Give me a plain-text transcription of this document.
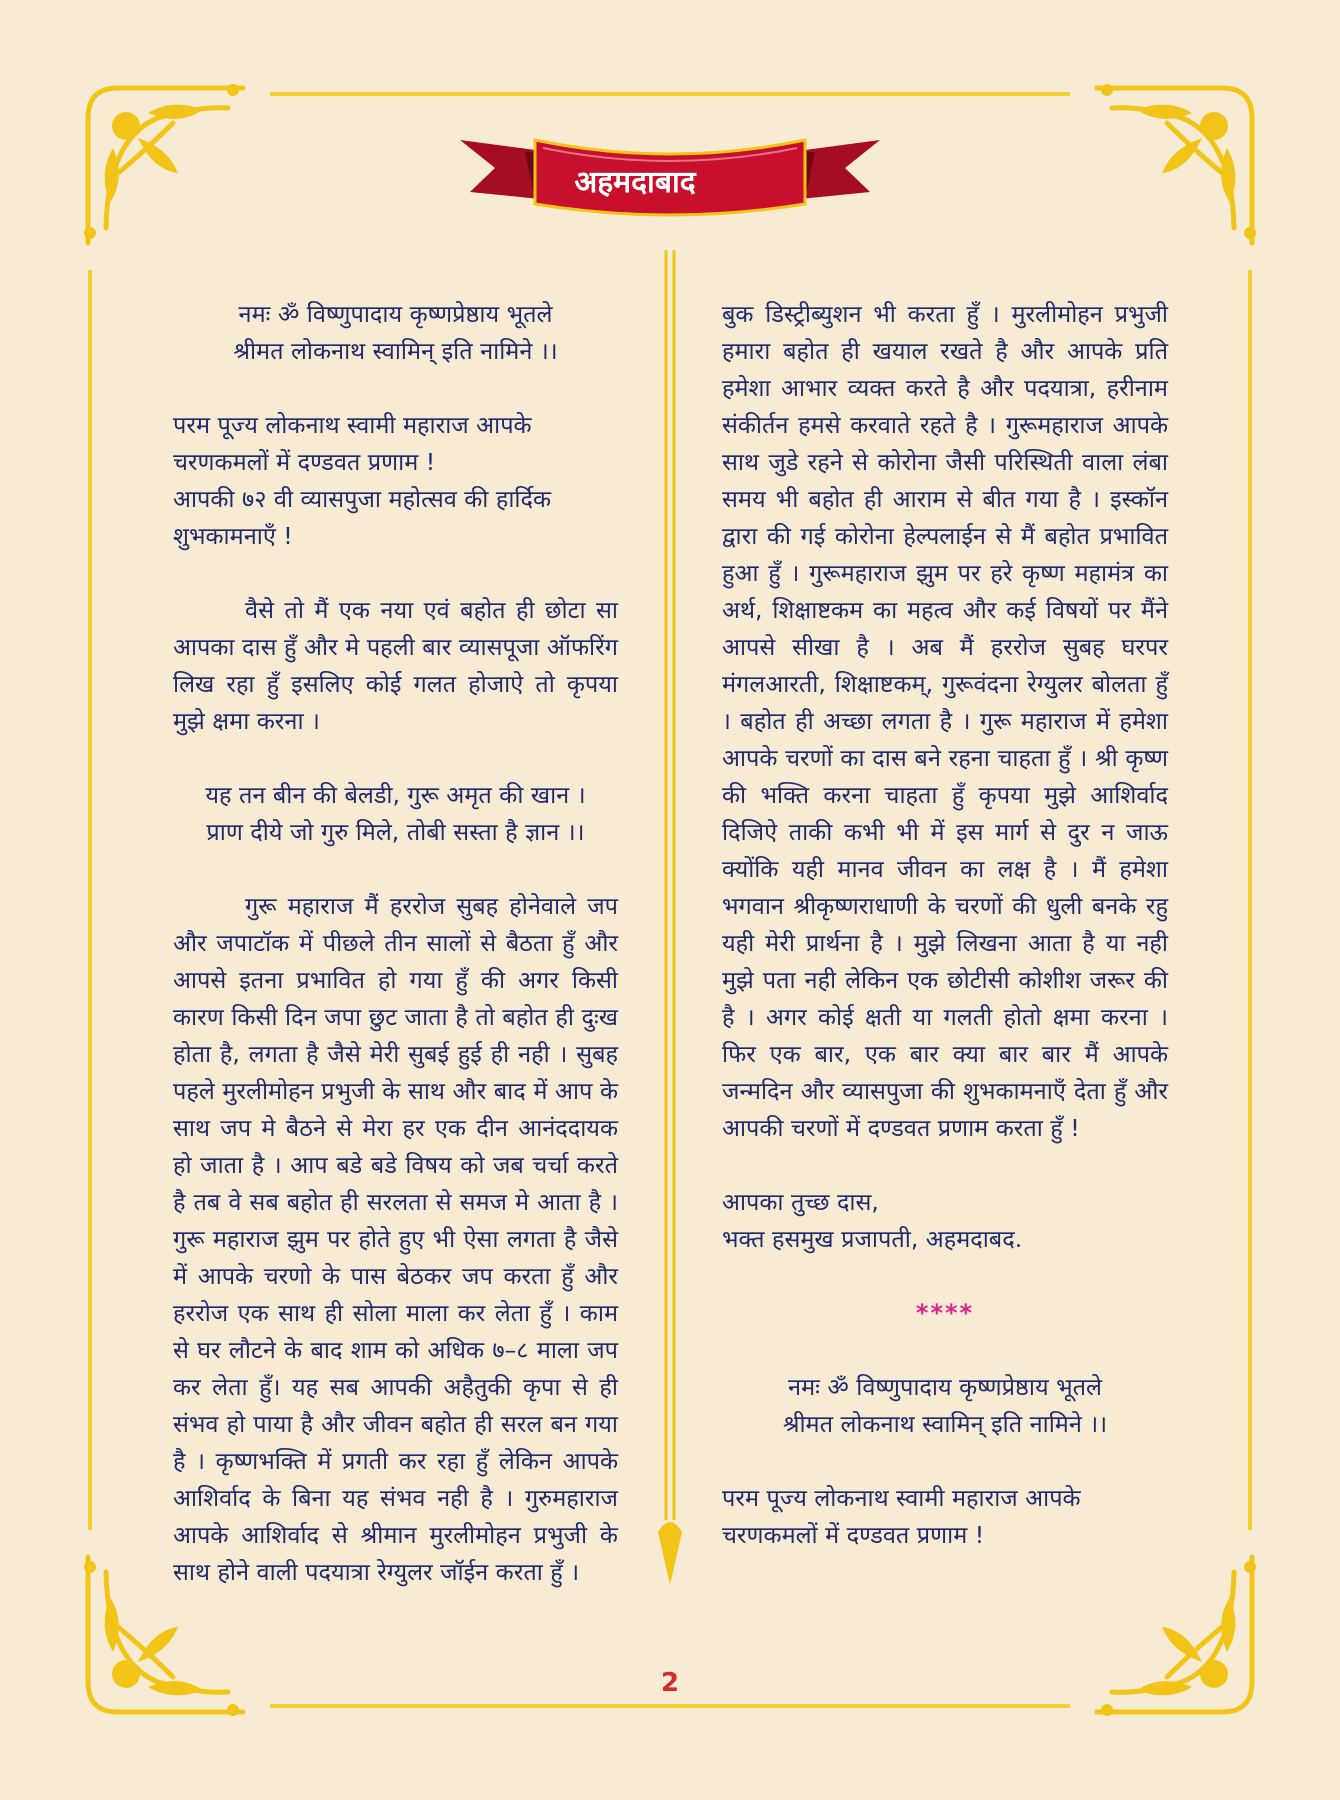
अहमदाबाद
नमः ॐ विष्णुपादाय कृष्णप्रेष्ठाय भूतले
श्रीमत लोकनाथ स्वामिन् इति नामिने ।।
परम पूज्य लोकनाथ स्वामी महाराज आपके
चरणकमलों में दण्डवत प्रणाम !
आपकी ७२ वी व्यासपुजा महोत्सव की हार्दिक
शुभकामनाएँ !

वैसे तो मैं एक नया एवं बहोत ही छोटा सा आपका दास हुँ और मे पहली बार व्यासपूजा ऑफरिंग लिख रहा हुँ इसलिए कोई गलत होजाऐ तो कृपया मुझे क्षमा करना ।

यह तन बीन की बेलडी, गुरू अमृत की खान ।
प्राण दीये जो गुरु मिले, तोबी सस्ता है ज्ञान ।।

गुरू महाराज मैं हररोज सुबह होनेवाले जप और जपाटॉक में पीछले तीन सालों से बैठता हुँ और आपसे इतना प्रभावित हो गया हुँ की अगर किसी कारण किसी दिन जपा छुट जाता है तो बहोत ही दुःख होता है, लगता है जैसे मेरी सुबई हुई ही नही । सुबह पहले मुरलीमोहन प्रभुजी के साथ और बाद में आप के साथ जप मे बैठने से मेरा हर एक दीन आनंददायक हो जाता है । आप बडे बडे विषय को जब चर्चा करते है तब वे सब बहोत ही सरलता से समज मे आता है । गुरू महाराज झुम पर होते हुए भी ऐसा लगता है जैसे में आपके चरणो के पास बेठकर जप करता हुँ और हररोज एक साथ ही सोला माला कर लेता हुँ । काम से घर लौटने के बाद शाम को अधिक ७–८ माला जप कर लेता हुँ। यह सब आपकी अहैतुकी कृपा से ही संभव हो पाया है और जीवन बहोत ही सरल बन गया है । कृष्णभक्ति में प्रगती कर रहा हुँ लेकिन आपके आशिर्वाद के बिना यह संभव नही है । गुरुमहाराज आपके आशिर्वाद से श्रीमान मुरलीमोहन प्रभुजी के साथ होने वाली पदयात्रा रेग्युलर जॉईन करता हुँ ।

बुक डिस्ट्रीब्युशन भी करता हुँ । मुरलीमोहन प्रभुजी हमारा बहोत ही खयाल रखते है और आपके प्रति हमेशा आभार व्यक्त करते है और पदयात्रा, हरीनाम संकीर्तन हमसे करवाते रहते है । गुरूमहाराज आपके साथ जुडे रहने से कोरोना जैसी परिस्थिती वाला लंबा समय भी बहोत ही आराम से बीत गया है । इस्कॉन द्वारा की गई कोरोना हेल्पलाईन से मैं बहोत प्रभावित हुआ हुँ । गुरूमहाराज झुम पर हरे कृष्ण महामंत्र का अर्थ, शिक्षाष्टकम का महत्व और कई विषयों पर मैंने आपसे सीखा है । अब मैं हररोज सुबह घरपर मंगलआरती, शिक्षाष्टकम्, गुरूवंदना रेग्युलर बोलता हुँ । बहोत ही अच्छा लगता है । गुरू महाराज में हमेशा आपके चरणों का दास बने रहना चाहता हुँ । श्री कृष्ण की भक्ति करना चाहता हुँ कृपया मुझे आशिर्वाद दिजिऐ ताकी कभी भी में इस मार्ग से दुर न जाऊ क्योंकि यही मानव जीवन का लक्ष है । मैं हमेशा भगवान श्रीकृष्णराधाणी के चरणों की धुली बनके रहु यही मेरी प्रार्थना है । मुझे लिखना आता है या नही मुझे पता नही लेकिन एक छोटीसी कोशीश जरूर की है । अगर कोई क्षती या गलती होतो क्षमा करना । फिर एक बार, एक बार क्या बार बार मैं आपके जन्मदिन और व्यासपुजा की शुभकामनाएँ देता हुँ और आपकी चरणों में दण्डवत प्रणाम करता हुँ !

आपका तुच्छ दास,
भक्त हसमुख प्रजापती, अहमदाबद.
****
नमः ॐ विष्णुपादाय कृष्णप्रेष्ठाय भूतले
श्रीमत लोकनाथ स्वामिन् इति नामिने ।।
परम पूज्य लोकनाथ स्वामी महाराज आपके
चरणकमलों में दण्डवत प्रणाम !
2
